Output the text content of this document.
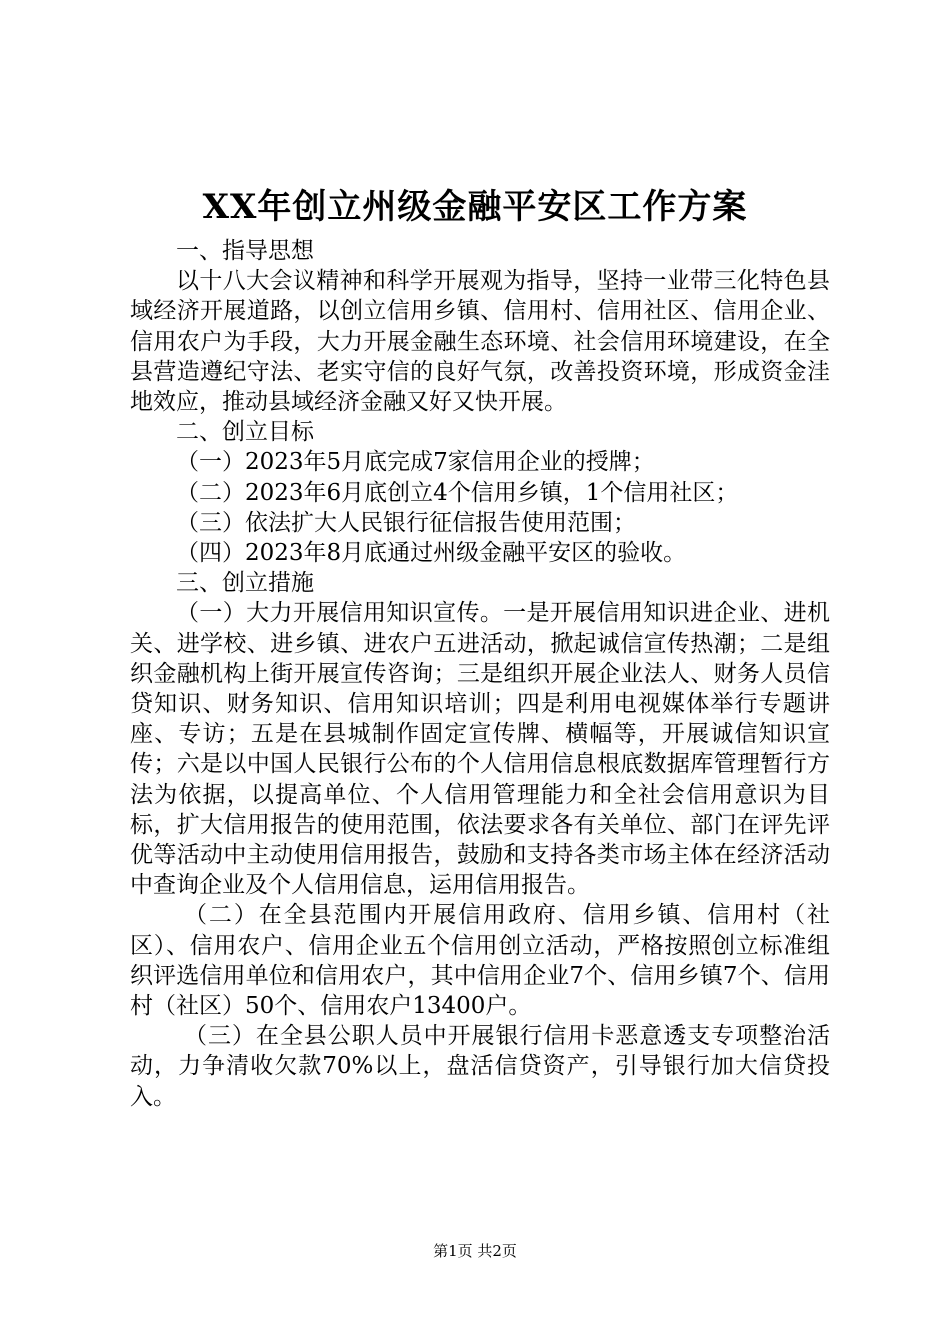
XX年创立州级金融平安区工作方案

一、指导思想

以十八大会议精神和科学开展观为指导，坚持一业带三化特色县域经济开展道路，以创立信用乡镇、信用村、信用社区、信用企业、信用农户为手段，大力开展金融生态环境、社会信用环境建设，在全县营造遵纪守法、老实守信的良好气氛，改善投资环境，形成资金洼地效应，推动县域经济金融又好又快开展。

二、创立目标

（一）2023年5月底完成7家信用企业的授牌；

（二）2023年6月底创立4个信用乡镇，1个信用社区；

（三）依法扩大人民银行征信报告使用范围；

（四）2023年8月底通过州级金融平安区的验收。

三、创立措施

（一）大力开展信用知识宣传。一是开展信用知识进企业、进机关、进学校、进乡镇、进农户五进活动，掀起诚信宣传热潮；二是组织金融机构上街开展宣传咨询；三是组织开展企业法人、财务人员信贷知识、财务知识、信用知识培训；四是利用电视媒体举行专题讲座、专访；五是在县城制作固定宣传牌、横幅等，开展诚信知识宣传；六是以中国人民银行公布的个人信用信息根底数据库管理暂行方法为依据，以提高单位、个人信用管理能力和全社会信用意识为目标，扩大信用报告的使用范围，依法要求各有关单位、部门在评先评优等活动中主动使用信用报告，鼓励和支持各类市场主体在经济活动中查询企业及个人信用信息，运用信用报告。

（二）在全县范围内开展信用政府、信用乡镇、信用村（社区）、信用农户、信用企业五个信用创立活动，严格按照创立标准组织评选信用单位和信用农户，其中信用企业7个、信用乡镇7个、信用村（社区）50个、信用农户13400户。

（三）在全县公职人员中开展银行信用卡恶意透支专项整治活动，力争清收欠款70%以上，盘活信贷资产，引导银行加大信贷投入。

第1页 共2页
